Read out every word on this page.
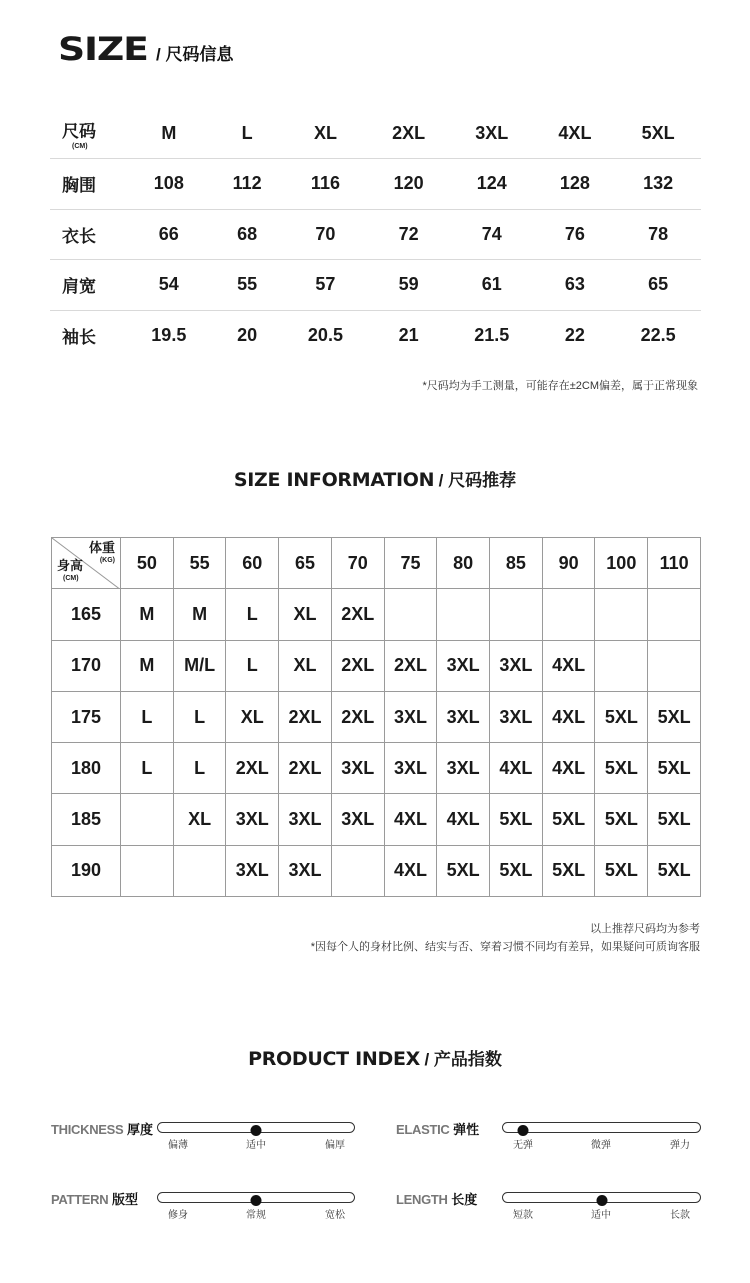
SIZE / 尺码信息
尺码
(CM)	M	L	XL	2XL	3XL	4XL	5XL
胸围	108	112	116	120	124	128	132
衣长	66	68	70	72	74	76	78
肩宽	54	55	57	59	61	63	65
袖长	19.5	20	20.5	21	21.5	22	22.5
*尺码均为手工测量，可能存在±2CM偏差，属于正常现象
SIZE INFORMATION / 尺码推荐
体重
(KG)
身高
(CM)	50	55	60	65	70	75	80	85	90	100	110
165	M	M	L	XL	2XL						
170	M	M/L	L	XL	2XL	2XL	3XL	3XL	4XL		
175	L	L	XL	2XL	2XL	3XL	3XL	3XL	4XL	5XL	5XL
180	L	L	2XL	2XL	3XL	3XL	3XL	4XL	4XL	5XL	5XL
185		XL	3XL	3XL	3XL	4XL	4XL	5XL	5XL	5XL	5XL
190			3XL	3XL		4XL	5XL	5XL	5XL	5XL	5XL
以上推荐尺码均为参考
*因每个人的身材比例、结实与否、穿着习惯不同均有差异，如果疑问可质询客服
PRODUCT INDEX / 产品指数
THICKNESS 厚度
偏薄	适中	偏厚
ELASTIC 弹性
无弹	微弹	弹力
PATTERN 版型
修身	常规	宽松
LENGTH 长度
短款	适中	长款
